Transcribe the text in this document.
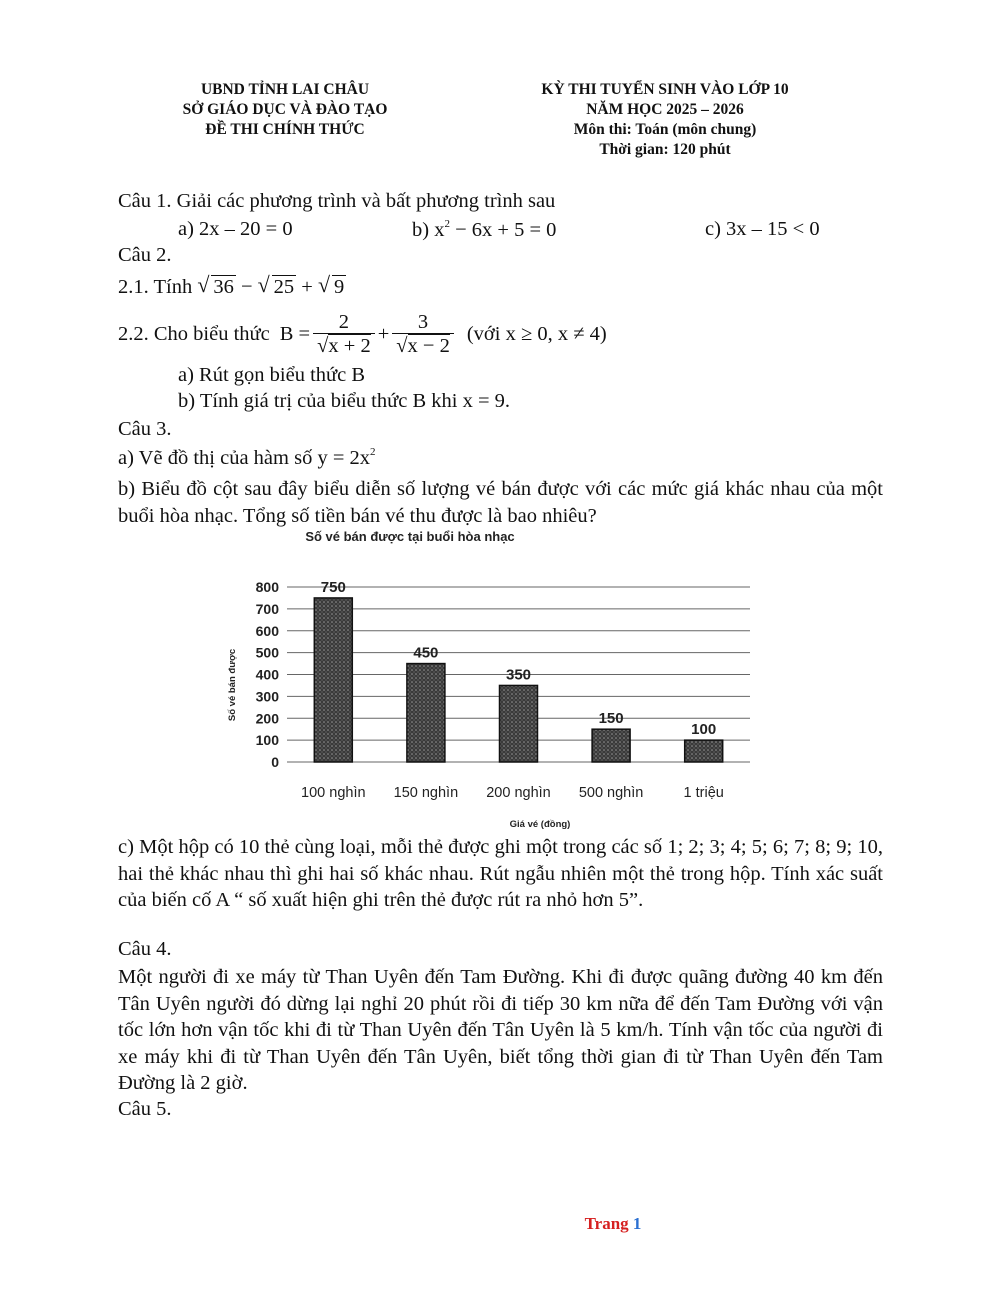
UBND TỈNH LAI CHÂU
SỞ GIÁO DỤC VÀ ĐÀO TẠO
ĐỀ THI CHÍNH THỨC
KỲ THI TUYỂN SINH VÀO LỚP 10
NĂM HỌC 2025 – 2026
Môn thi: Toán (môn chung)
Thời gian: 120 phút
Câu 1. Giải các phương trình và bất phương trình sau
a) 2x – 20 = 0	b) $x^2 - 6x + 5 = 0$	c) 3x – 15 < 0
Câu 2.
2.1. Tính √ 36 − √ 25 + √ 9
2.2. Cho biểu thức $B = \frac{2}{√x + 2} + \frac{3}{√x - 2}$ (với x ≥ 0, x ≠ 4)
a) Rút gọn biểu thức B
b) Tính giá trị của biểu thức B khi x = 9.
Câu 3.
a) Vẽ đồ thị của hàm số $y = 2x^2$
b) Biểu đồ cột sau đây biểu diễn số lượng vé bán được với các mức giá khác nhau của một buổi hòa nhạc. Tổng số tiền bán vé thu được là bao nhiêu?
Số vé bán được tại buổi hòa nhạc
Số vé bán được
Giá vé (đồng)
0
100
200
300
400
500
600
700
800	750
450
350
150
100
100 nghìn 150 nghìn 200 nghìn 500 nghìn	1 triệu
c) Một hộp có 10 thẻ cùng loại, mỗi thẻ được ghi một trong các số 1; 2; 3; 4; 5; 6; 7; 8; 9; 10, hai thẻ khác nhau thì ghi hai số khác nhau. Rút ngẫu nhiên một thẻ trong hộp. Tính xác suất của biến cố A “ số xuất hiện ghi trên thẻ được rút ra nhỏ hơn 5”.
Câu 4.
Một người đi xe máy từ Than Uyên đến Tam Đường. Khi đi được quãng đường 40 km đến Tân Uyên người đó dừng lại nghỉ 20 phút rồi đi tiếp 30 km nữa để đến Tam Đường với vận tốc lớn hơn vận tốc khi đi từ Than Uyên đến Tân Uyên là 5 km/h. Tính vận tốc của người đi xe máy khi đi từ Than Uyên đến Tân Uyên, biết tổng thời gian đi từ Than Uyên đến Tam Đường là 2 giờ.
Câu 5.
Trang 1
